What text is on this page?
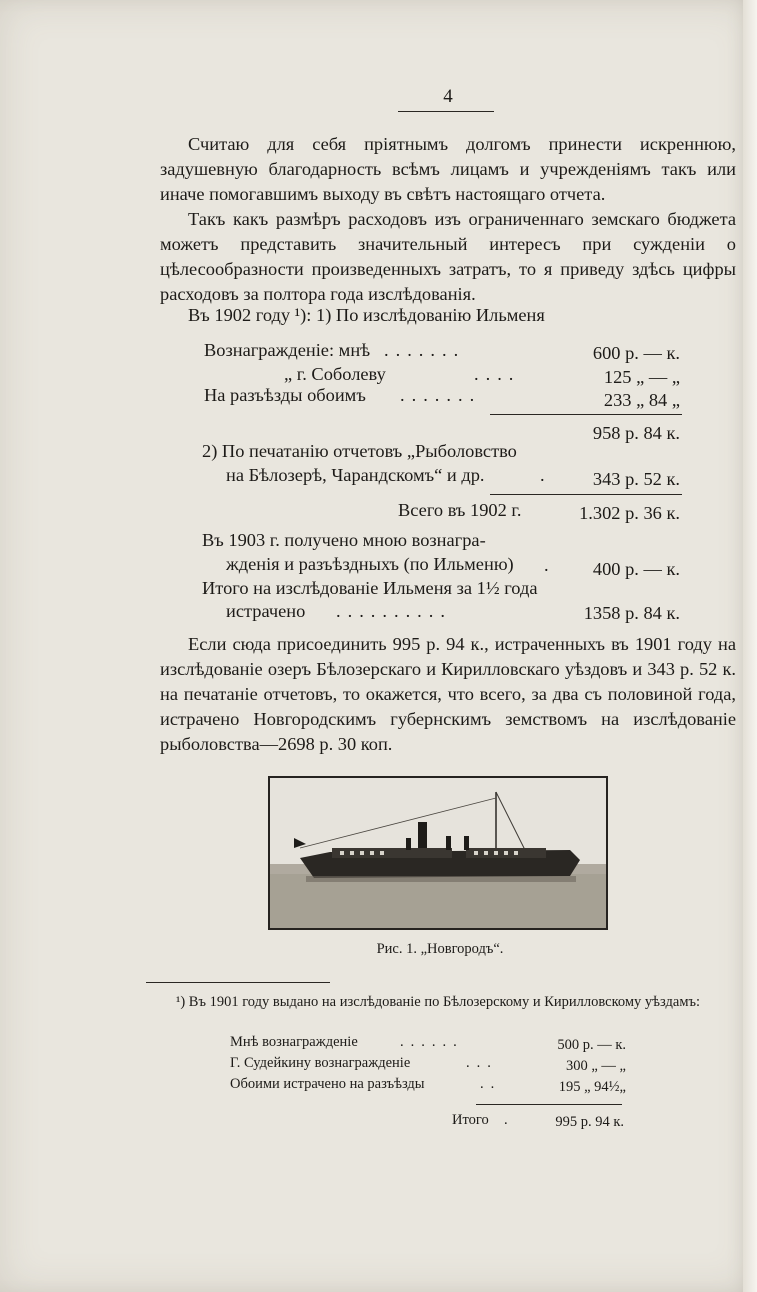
4
Считаю для себя пріятнымъ долгомъ принести искреннюю, задушевную благодарность всѣмъ лицамъ и учрежденіямъ такъ или иначе помогавшимъ выходу въ свѣтъ настоящаго отчета.
Такъ какъ размѣръ расходовъ изъ ограниченнаго земскаго бюджета можетъ представить значительный интересъ при сужденіи о цѣлесообразности произведенныхъ затратъ, то я приведу здѣсь цифры расходовъ за полтора года изслѣдованія.
Въ 1902 году ¹): 1) По изслѣдованію Ильменя
Вознагражденіе: мнѣ .......	600 р. — к.
„ г. Соболеву	....	125 „ — „
На разъѣзды обоимъ .......	233 „ 84 „
958 р. 84 к.
2) По печатанію отчетовъ „Рыболовство
на Бѣлозерѣ, Чарандскомъ“ и др.	.	343 р. 52 к.
Всего въ 1902 г.	1.302 р. 36 к.
Въ 1903 г. получено мною вознагра-
жденія и разъѣздныхъ (по Ильменю) .	400 р. — к.
Итого на изслѣдованіе Ильменя за 1½ года
истрачено ..........	1358 р. 84 к.
Если сюда присоединить 995 р. 94 к., истраченныхъ въ 1901 году на изслѣдованіе озеръ Бѣлозерскаго и Кирилловскаго уѣздовъ и 343 р. 52 к. на печатаніе отчетовъ, то окажется, что всего, за два съ половиной года, истрачено Новгородскимъ губернскимъ земствомъ на изслѣдованіе рыболовства—2698 р. 30 коп.
Рис. 1. „Новгородъ“.
¹) Въ 1901 году выдано на изслѣдованіе по Бѣлозерскому и Кирилловскому уѣздамъ:
Мнѣ вознагражденіе	......	500 р. — к.
Г. Судейкину вознагражденіе	...	300 „ — „
Обоими истрачено на разъѣзды	..	195 „ 94½„
Итого .	995 р. 94 к.
